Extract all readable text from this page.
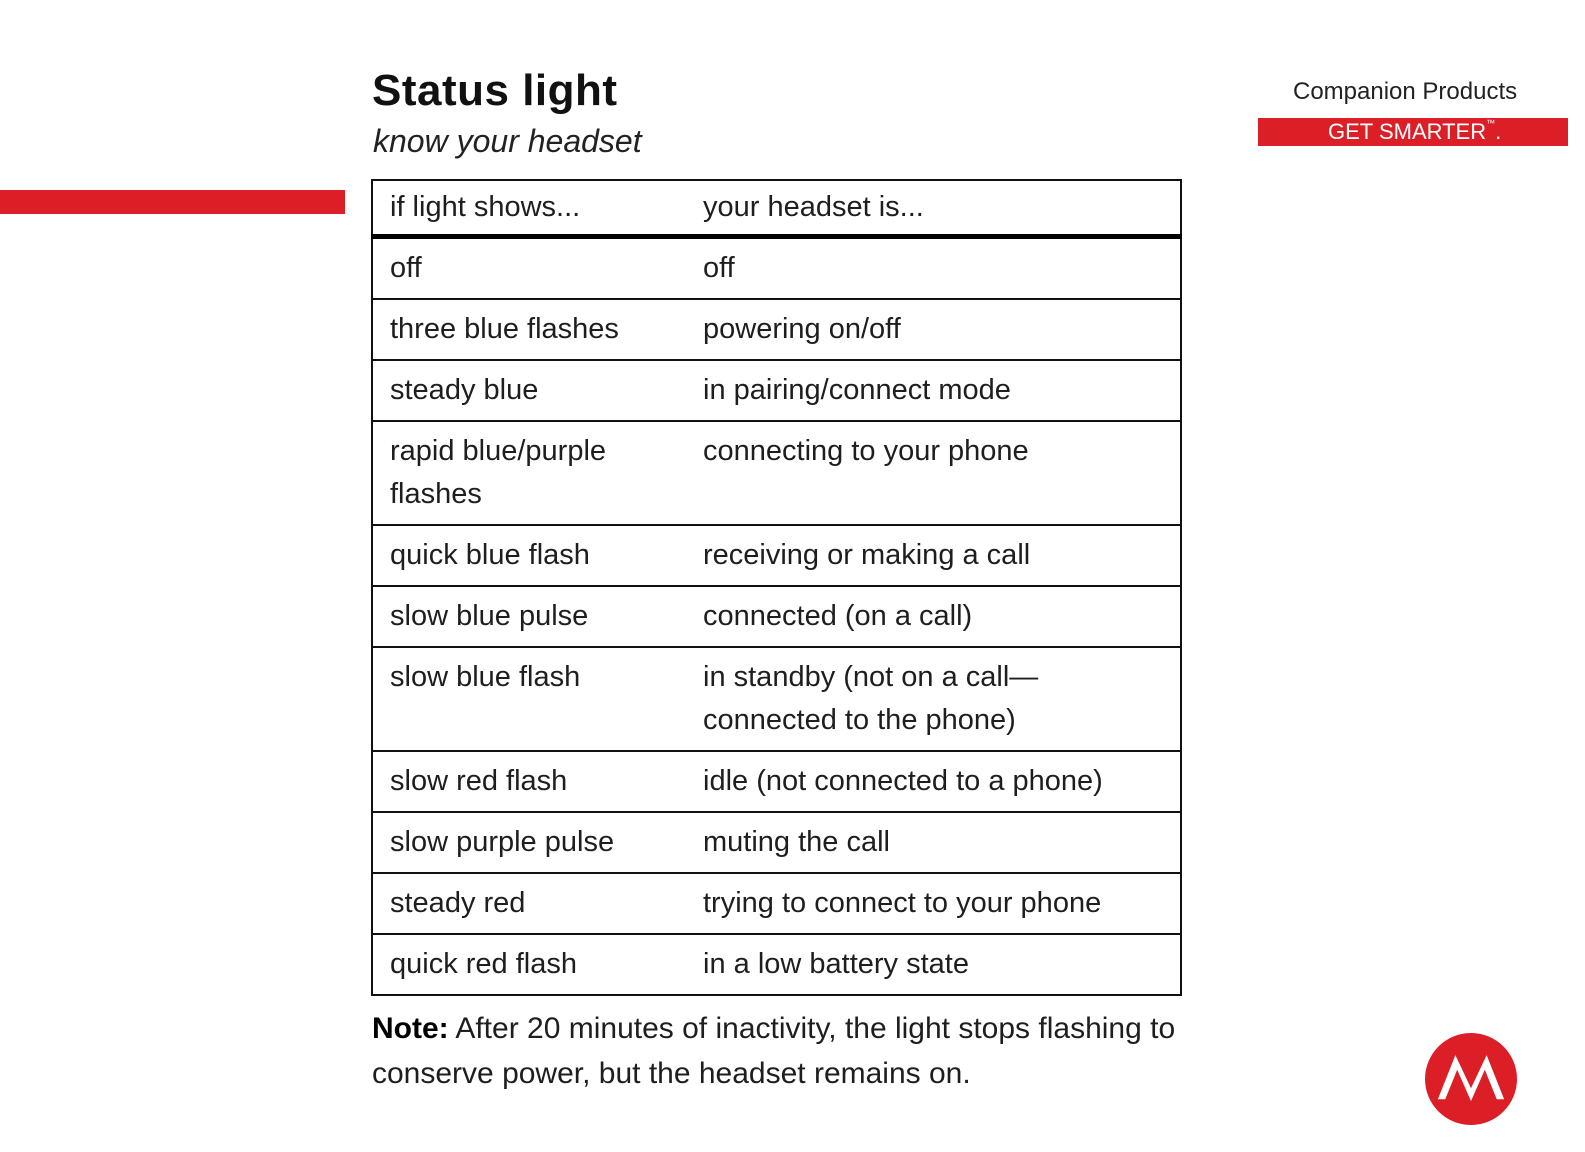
Status light
know your headset
Companion Products
GET SMARTER™.
if light shows...	your headset is...
off	off
three blue flashes	powering on/off
steady blue	in pairing/connect mode
rapid blue/purple flashes	connecting to your phone
quick blue flash	receiving or making a call
slow blue pulse	connected (on a call)
slow blue flash	in standby (not on a call—connected to the phone)
slow red flash	idle (not connected to a phone)
slow purple pulse	muting the call
steady red	trying to connect to your phone
quick red flash	in a low battery state
Note: After 20 minutes of inactivity, the light stops flashing to conserve power, but the headset remains on.
